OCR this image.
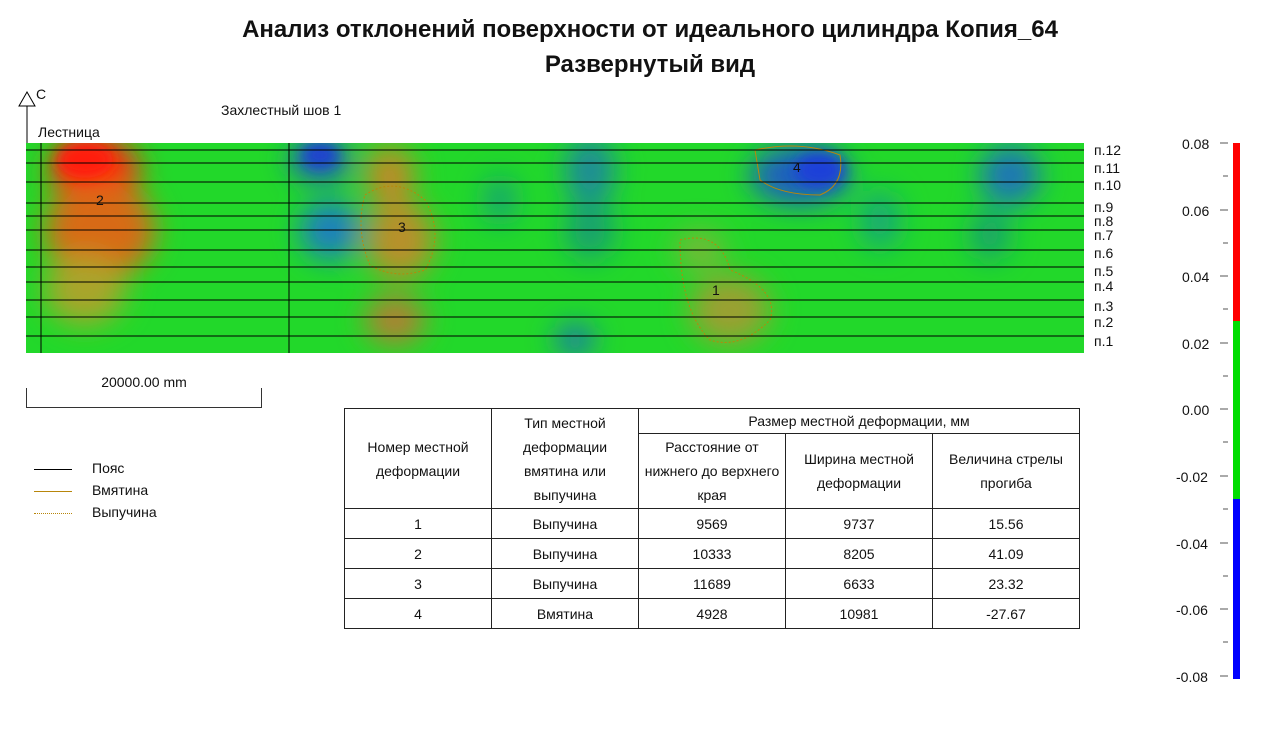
Анализ отклонений поверхности от идеального цилиндра Копия_64
Развернутый вид
С
Лестница
Захлестный шов 1
1
2
3
4
п.12
п.11
п.10
п.9
п.8
п.7
п.6
п.5
п.4
п.3
п.2
п.1
20000.00 mm
Пояс
Вмятина
Выпучина
Номер местной деформации	Тип местной деформации вмятина или выпучина	Размер местной деформации, мм		
		Расстояние от нижнего до верхнего края	Ширина местной деформации	Величина стрелы прогиба
1	Выпучина	9569	9737	15.56
2	Выпучина	10333	8205	41.09
3	Выпучина	11689	6633	23.32
4	Вмятина	4928	10981	-27.67
0.08
0.06
0.04
0.02
0.00
-0.02
-0.04
-0.06
-0.08
